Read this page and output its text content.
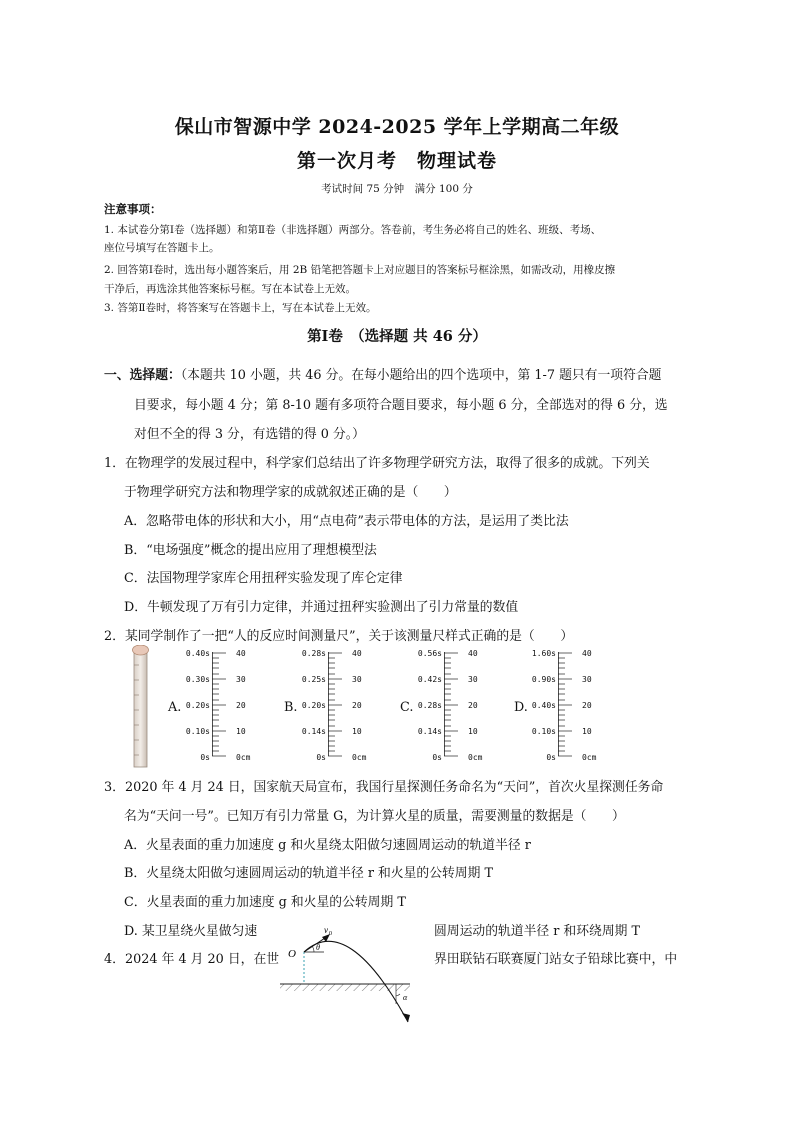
保山市智源中学 2024-2025 学年上学期高二年级
第一次月考　物理试卷
考试时间 75 分钟　满分 100 分
注意事项：
1. 本试卷分第Ⅰ卷（选择题）和第Ⅱ卷（非选择题）两部分。答卷前，考生务必将自己的姓名、班级、考场、
座位号填写在答题卡上。
2. 回答第Ⅰ卷时，选出每小题答案后，用 2B 铅笔把答题卡上对应题目的答案标号框涂黑，如需改动，用橡皮擦
干净后，再选涂其他答案标号框。写在本试卷上无效。
3. 答第Ⅱ卷时，将答案写在答题卡上，写在本试卷上无效。
第Ⅰ卷　（选择题 共 46 分）
一、选择题：（本题共 10 小题，共 46 分。在每小题给出的四个选项中，第 1-7 题只有一项符合题
目要求，每小题 4 分；第 8-10 题有多项符合题目要求，每小题 6 分，全部选对的得 6 分，选
对但不全的得 3 分，有选错的得 0 分。）
1．在物理学的发展过程中，科学家们总结出了许多物理学研究方法，取得了很多的成就。下列关
于物理学研究方法和物理学家的成就叙述正确的是（　　）
A．忽略带电体的形状和大小，用“点电荷”表示带电体的方法，是运用了类比法
B．“电场强度”概念的提出应用了理想模型法
C．法国物理学家库仑用扭秤实验发现了库仑定律
D．牛顿发现了万有引力定律，并通过扭秤实验测出了引力常量的数值
2．某同学制作了一把“人的反应时间测量尺”，关于该测量尺样式正确的是（　　）
A.
0.40s
0.30s
0.20s
0.10s
0s
40
30
20
10
0cm
B.
0.28s
0.25s
0.20s
0.14s
0s
40
30
20
10
0cm
C.
0.56s
0.42s
0.28s
0.14s
0s
40
30
20
10
0cm
D.
1.60s
0.90s
0.40s
0.10s
0s
40
30
20
10
0cm
3．2020 年 4 月 24 日，国家航天局宣布，我国行星探测任务命名为“天问”，首次火星探测任务命
名为“天问一号”。已知万有引力常量 G，为计算火星的质量，需要测量的数据是（　　）
A．火星表面的重力加速度 g 和火星绕太阳做匀速圆周运动的轨道半径 r
B．火星绕太阳做匀速圆周运动的轨道半径 r 和火星的公转周期 T
C．火星表面的重力加速度 g 和火星的公转周期 T
D. 某卫星绕火星做匀速	圆周运动的轨道半径 r 和环绕周期 T
4．2024 年 4 月 20 日，在世	界田联钻石联赛厦门站女子铅球比赛中，中
O
v 0
θ
α
